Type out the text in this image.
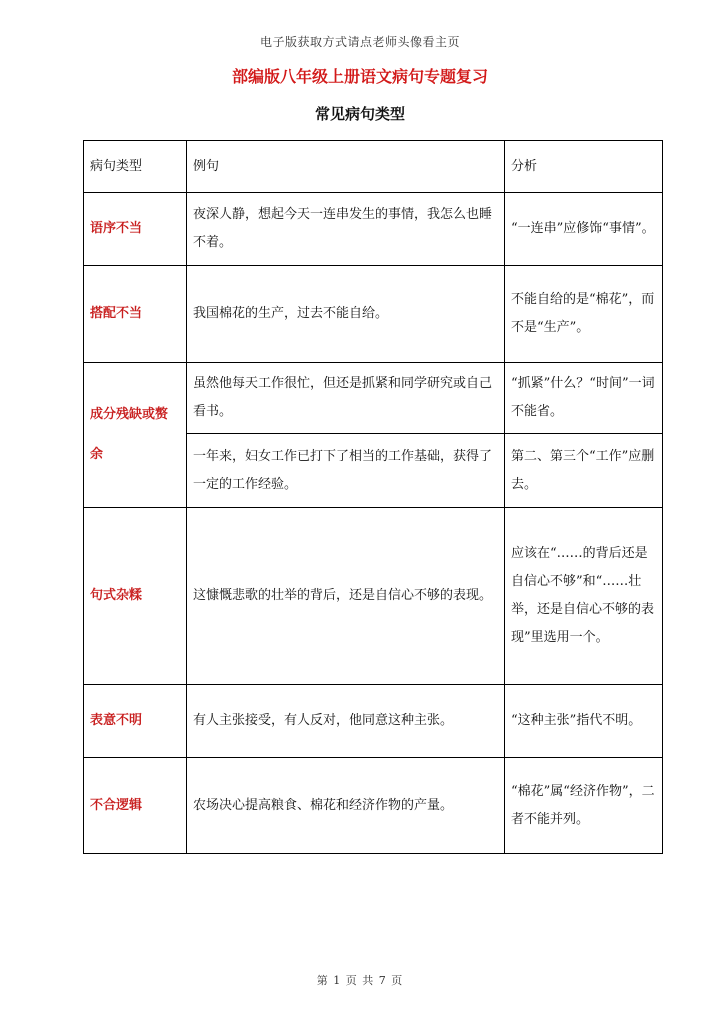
电子版获取方式请点老师头像看主页
部编版八年级上册语文病句专题复习
常见病句类型
病句类型	例句	分析
语序不当	夜深人静，想起今天一连串发生的事情，我怎么也睡不着。	“一连串”应修饰“事情”。
搭配不当	我国棉花的生产，过去不能自给。	不能自给的是“棉花”，而不是“生产”。
成分残缺或赘余	虽然他每天工作很忙，但还是抓紧和同学研究或自己看书。	“抓紧”什么？“时间”一词不能省。
	一年来，妇女工作已打下了相当的工作基础，获得了一定的工作经验。	第二、第三个“工作”应删去。
句式杂糅	这慷慨悲歌的壮举的背后，还是自信心不够的表现。	应该在“……的背后还是自信心不够”和“……壮举，还是自信心不够的表现”里选用一个。
表意不明	有人主张接受，有人反对，他同意这种主张。	“这种主张”指代不明。
不合逻辑	农场决心提高粮食、棉花和经济作物的产量。	“棉花”属“经济作物”，二者不能并列。
第 1 页 共 7 页
